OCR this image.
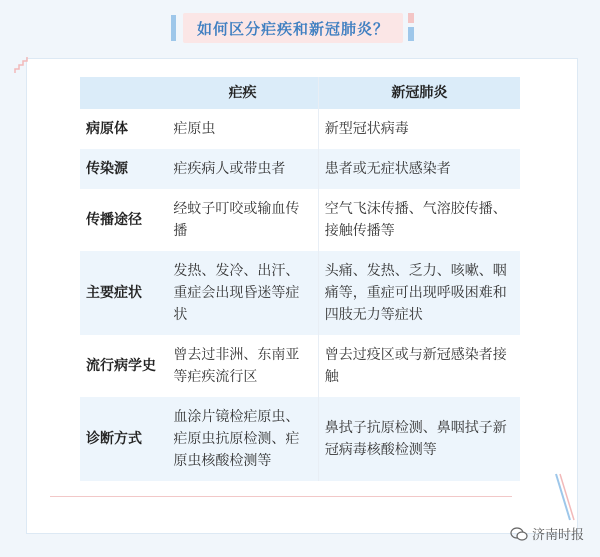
如何区分疟疾和新冠肺炎？
	疟疾	新冠肺炎
病原体	疟原虫	新型冠状病毒
传染源	疟疾病人或带虫者	患者或无症状感染者
传播途径	经蚊子叮咬或输血传播	空气飞沫传播、气溶胶传播、接触传播等
主要症状	发热、发冷、出汗、重症会出现昏迷等症状	头痛、发热、乏力、咳嗽、咽痛等，重症可出现呼吸困难和四肢无力等症状
流行病学史	曾去过非洲、东南亚等疟疾流行区	曾去过疫区或与新冠感染者接触
诊断方式	血涂片镜检疟原虫、疟原虫抗原检测、疟原虫核酸检测等	鼻拭子抗原检测、鼻咽拭子新冠病毒核酸检测等
济南时报
